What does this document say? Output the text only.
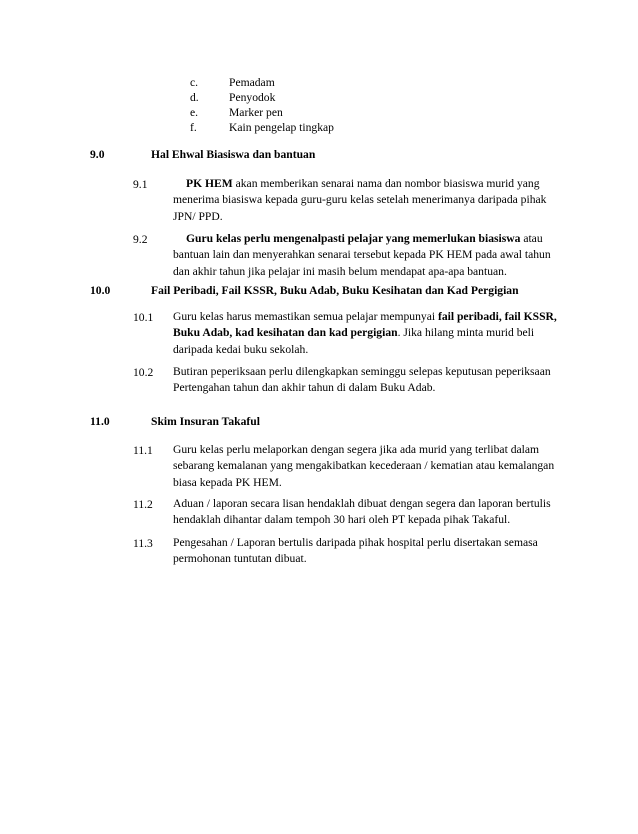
c.	Pemadam
d.	Penyodok
e.	Marker pen
f.	Kain pengelap tingkap
9.0	Hal Ehwal Biasiswa dan bantuan
9.1	PK HEM akan memberikan senarai nama dan nombor biasiswa murid yang menerima biasiswa kepada guru-guru kelas setelah menerimanya daripada pihak JPN/ PPD.
9.2	Guru kelas perlu mengenalpasti pelajar yang memerlukan biasiswa atau bantuan lain dan menyerahkan senarai tersebut kepada PK HEM pada awal tahun dan akhir tahun jika pelajar ini masih belum mendapat apa-apa bantuan.
10.0	Fail Peribadi, Fail KSSR, Buku Adab, Buku Kesihatan dan Kad Pergigian
10.1 Guru kelas harus memastikan semua pelajar mempunyai fail peribadi, fail KSSR, Buku Adab, kad kesihatan dan kad pergigian. Jika hilang minta murid beli daripada kedai buku sekolah.
10.2 Butiran peperiksaan perlu dilengkapkan seminggu selepas keputusan peperiksaan Pertengahan tahun dan akhir tahun di dalam Buku Adab.
11.0	Skim Insuran Takaful
11.1 Guru kelas perlu melaporkan dengan segera jika ada murid yang terlibat dalam sebarang kemalanan yang mengakibatkan kecederaan / kematian atau kemalangan biasa kepada PK HEM.
11.2 Aduan / laporan secara lisan hendaklah dibuat dengan segera dan laporan bertulis hendaklah dihantar dalam tempoh 30 hari oleh PT kepada pihak Takaful.
11.3 Pengesahan / Laporan bertulis daripada pihak hospital perlu disertakan semasa permohonan tuntutan dibuat.
